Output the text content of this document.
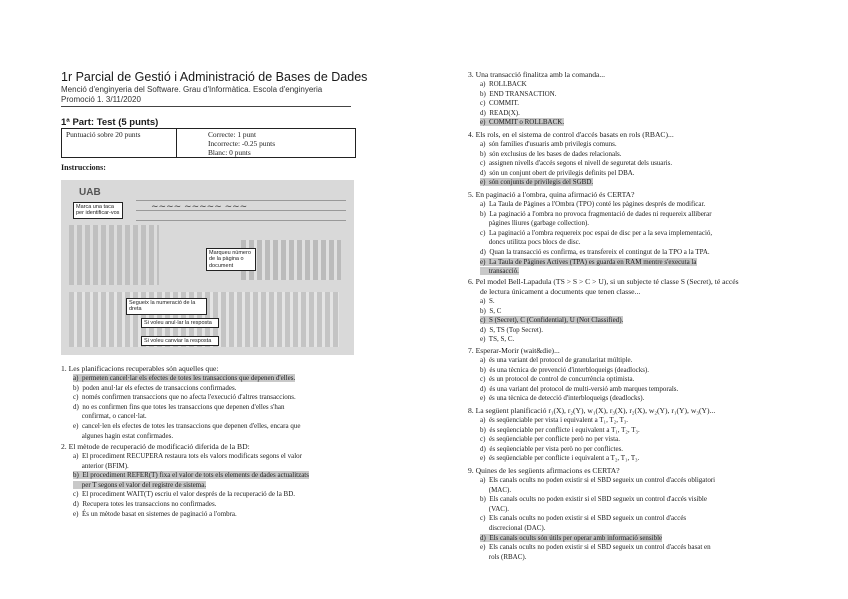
1r Parcial de Gestió i Administració de Bases de Dades
Menció d'enginyeria del Software. Grau d'Informàtica. Escola d'enginyeria
Promoció 1. 3/11/2020
1ª Part: Test (5 punts)
Puntuació sobre 20 punts	Correcte: 1 punt
Incorrecte: -0.25 punts
Blanc: 0 punts
Instruccions:
UAB
~~~~ ~~~~~ ~~~
Marca una taca per identificar-vos
Marqueu número de la pàgina o document
Segueix la numeració de la dreta
Si voleu anul·lar la resposta
Si voleu canviar la resposta
1. Les planificacions recuperables són aquelles que:
a)  permeten cancel·lar els efectes de totes les transaccions que depenen d'elles.
b)  poden anul·lar els efectes de transaccions confirmades.
c)  només confirmen transaccions que no afecta l'execució d'altres transaccions.
d)  no es confirmen fins que totes les transaccions que depenen d'elles s'han
confirmat, o cancel·lat.
e)  cancel·len els efectes de totes les transaccions que depenen d'elles, encara que
algunes hagin estat confirmades.
2. El mètode de recuperació de modificació diferida de la BD:
a)  El procediment RECUPERA restaura tots els valors modificats segons el valor
anterior (BFIM).
b)  El procediment REFER(T) fixa el valor de tots els elements de dades actualitzats
per T segons el valor del registre de sistema.
c)  El procediment WAIT(T) escriu el valor després de la recuperació de la BD.
d)  Recupera totes les transaccions no confirmades.
e)  És un mètode basat en sistemes de paginació a l'ombra.
3. Una transacció finalitza amb la comanda...
a)  ROLLBACK
b)  END TRANSACTION.
c)  COMMIT.
d)  READ(X).
e)  COMMIT o ROLLBACK.
4. Els rols, en el sistema de control d'accés basats en rols (RBAC)...
a)  són famílies d'usuaris amb privilegis comuns.
b)  són exclusius de les bases de dades relacionals.
c)  assignen nivells d'accés segons el nivell de seguretat dels usuaris.
d)  són un conjunt obert de privilegis definits pel DBA.
e)  són conjunts de privilegis del SGBD.
5. En paginació a l'ombra, quina afirmació és CERTA?
a)  La Taula de Pàgines a l'Ombra (TPO) conté les pàgines després de modificar.
b)  La paginació a l'ombra no provoca fragmentació de dades ni requereix alliberar
pàgines lliures (garbage collection).
c)  La paginació a l'ombra requereix poc espai de disc per a la seva implementació,
doncs utilitza pocs blocs de disc.
d)  Quan la transacció es confirma, es transfereix el contingut de la TPO a la TPA.
e)  La Taula de Pàgines Actives (TPA) es guarda en RAM mentre s'executa la
transacció.
6. Pel model Bell-Lapadula (TS > S > C > U), si un subjecte té classe S (Secret), té accés
de lectura únicament a documents que tenen classe...
a)  S.
b)  S, C
c)  S (Secret), C (Confidential), U (Not Classified).
d)  S, TS (Top Secret).
e)  TS, S, C.
7. Esperar-Morir (wait&die)...
a)  és una variant del protocol de granularitat múltiple.
b)  és una tècnica de prevenció d'interbloqueigs (deadlocks).
c)  és un protocol de control de concurrència optimista.
d)  és una variant del protocol de multi-versió amb marques temporals.
e)  és una tècnica de detecció d'interbloqueigs (deadlocks).
8. La següent planificació r₁(X), r₂(Y), w₁(X), r₃(X), r₂(X), w₂(Y), r₁(Y), w₃(Y)...
a)  és seqüenciable per vista i equivalent a T₁, T₂, T₃.
b)  és seqüenciable per conflicte i equivalent a T₁, T₂, T₃.
c)  és seqüenciable per conflicte però no per vista.
d)  és seqüenciable per vista però no per conflictes.
e)  és seqüenciable per conflicte i equivalent a T₂, T₁, T₃.
9. Quines de les següents afirmacions es CERTA?
a)  Els canals ocults no poden existir si el SBD segueix un control d'accés obligatori
(MAC).
b)  Els canals ocults no poden existir si el SBD segueix un control d'accés visible
(VAC).
c)  Els canals ocults no poden existir si el SBD segueix un control d'accés
discrecional (DAC).
d)  Els canals ocults són útils per operar amb informació sensible
e)  Els canals ocults no poden existir si el SBD segueix un control d'accés basat en
rols (RBAC).
